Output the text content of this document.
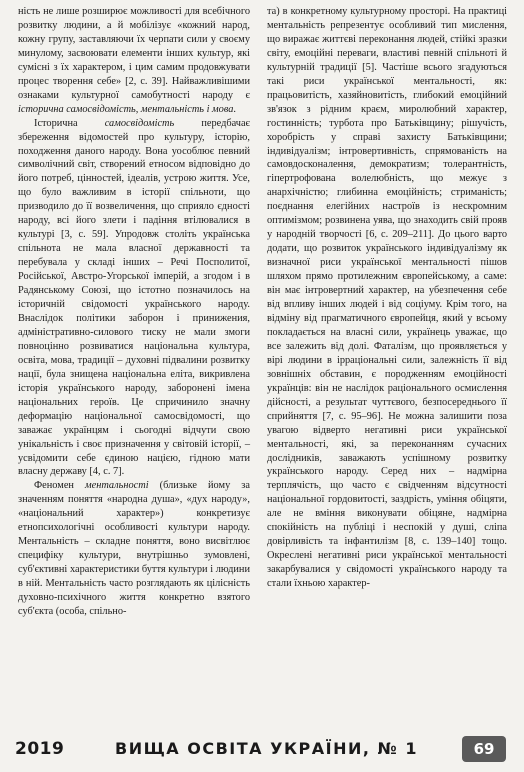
ність не лише розширює можливості для всебічного розвитку людини, а й мобілізує «кожний народ, кожну групу, заставляючи їх черпати сили у своєму минулому, засвоювати елементи інших культур, які сумісні з їх характером, і цим самим продовжувати процес творення себе» [2, с. 39]. Найважливішими ознаками культурної самобутності народу є історична самосвідомість, ментальність і мова.

Історична самосвідомість передбачає збереження відомостей про культуру, історію, походження даного народу. Вона уособлює певний символічний світ, створений етносом відповідно до його потреб, цінностей, ідеалів, устрою життя. Усе, що було важливим в історії спільноти, що призводило до її возвеличення, що сприяло єдності народу, всі його злети і падіння втілювалися в культурі [3, с. 59]. Упродовж століть українська спільнота не мала власної державності та перебувала у складі інших – Речі Посполитої, Російської, Австро-Угорської імперій, а згодом і в Радянському Союзі, що істотно позначилось на історичній свідомості українського народу. Внаслідок політики заборон і принижения, адміністративно-силового тиску не мали змоги повноцінно розвиватися національна культура, освіта, мова, традиції – духовні підвалини розвитку нації, була знищена національна еліта, викривлена історія українського народу, заборонені імена національних героїв. Це спричинило значну деформацію національної самосвідомості, що заважає українцям і сьогодні відчути свою унікальність і своє призначення у світовій історії, – усвідомити себе єдиною нацією, гідною мати власну державу [4, с. 7].

Феномен ментальності (близьке йому за значенням поняття «народна душа», «дух народу», «національний характер») конкретизує етнопсихологічні особливості культури народу. Ментальність – складне поняття, воно висвітлює специфіку культури, внутрішньо зумовлені, суб'єктивні характеристики буття культури і людини в ній. Ментальність часто розглядають як цілісність духовно-психічного життя конкретно взятого суб'єкта (особа, спільно-

та) в конкретному культурному просторі. На практиці ментальність репрезентує особливий тип мислення, що виражає життєві переконання людей, стійкі зразки світу, емоційні переваги, властиві певній спільноті й культурній традиції [5]. Частіше всього згадуються такі риси української ментальності, як: працьовитість, хазяйновитість, глибокий емоційний зв'язок з рідним краєм, миролюбний характер, гостинність; турбота про Батьківщину; рішучість, хоробрість у справі захисту Батьківщини; індивідуалізм; інтровертивність, спрямованість на самовдосконалення, демократизм; толерантність, гіпертрофована волелюбність, що межує з анархічністю; глибинна емоційність; стриманість; поєднання елегійних настроїв із нескромним оптимізмом; розвинена уява, що знаходить свій прояв у народній творчості [6, с. 209–211]. До цього варто додати, що розвиток українського індивідуалізму як визначної риси української ментальності пішов шляхом прямо протилежним європейському, а саме: він має інтровертний характер, на убезпечення себе від впливу інших людей і від соціуму. Крім того, на відміну від прагматичного європейця, який у всьому покладається на власні сили, українець уважає, що все залежить від долі. Фаталізм, що проявляється у вірі людини в ірраціональні сили, залежність її від зовнішніх обставин, є породженням емоційності українців: він не наслідок раціонального осмислення дійсності, а результат чуттєвого, безпосереднього її сприйняття [7, с. 95–96]. Не можна залишити поза увагою відверто негативні риси української ментальності, які, за переконанням сучасних дослідників, заважають успішному розвитку українського народу. Серед них – надмірна терплячість, що часто є свідченням відсутності національної гордовитості, заздрість, уміння обіцяти, але не вміння виконувати обіцяне, надмірна спокійність на публіці і неспокій у душі, сліпа довірливість та інфантилізм [8, с. 139–140] тощо. Окреслені негативні риси української ментальності закарбувалися у свідомості українського народу та стали їхньою характер-

2019	ВИЩА ОСВІТА УКРАЇНИ, № 1	69
